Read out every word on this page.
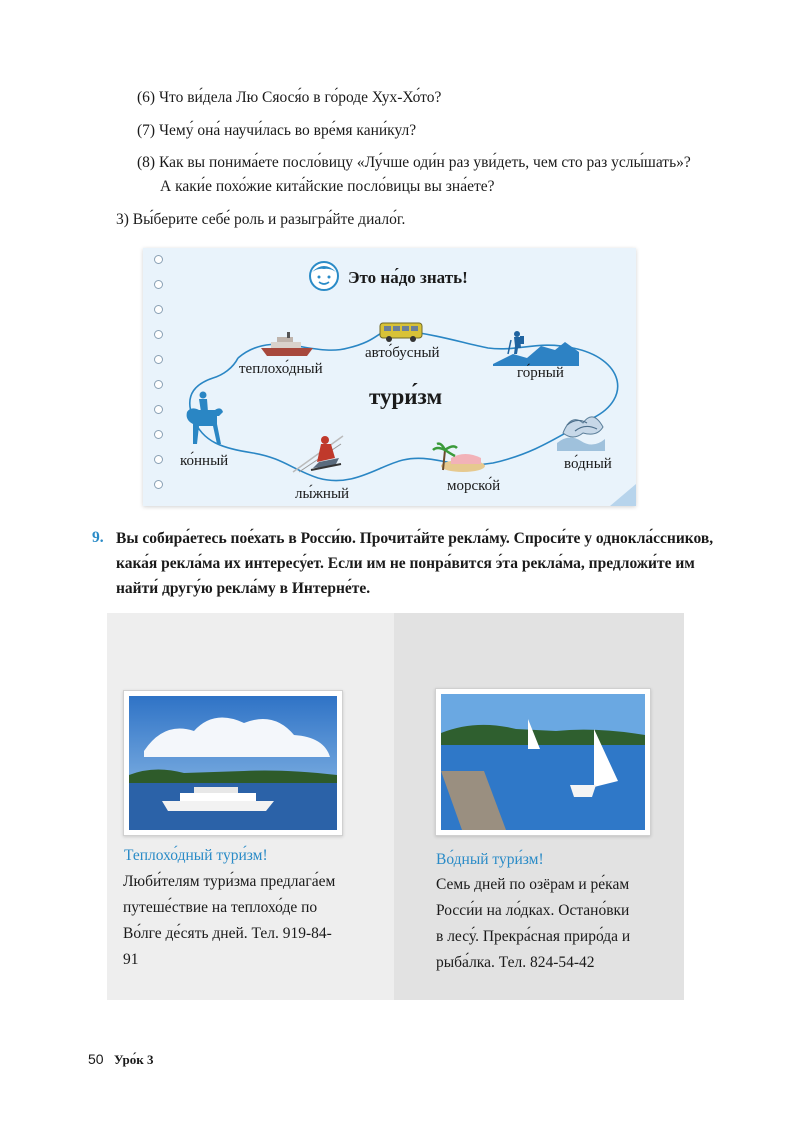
(6) Что ви́дела Лю Сяося́о в го́роде Хух-Хо́то?
(7) Чему́ она́ научи́лась во вре́мя кани́кул?
(8) Как вы понима́ете посло́вицу «Лу́чше оди́н раз уви́деть, чем сто раз услы́шать»?
А каки́е похо́жие кита́йские посло́вицы вы зна́ете?
3) Вы́берите себе́ роль и разыгра́йте диало́г.
Это на́до знать!
теплохо́дный
авто́бусный
го́рный
тури́зм
ко́нный
лы́жный	морско́й
во́дный
9. Вы собира́етесь пое́хать в Росси́ю. Прочита́йте рекла́му. Спроси́те у однокла́ссников,
кака́я рекла́ма их интересу́ет. Если им не понра́вится э́та рекла́ма, предложи́те им
найти́ другу́ю рекла́му в Интерне́те.
Теплохо́дный тури́зм!
Люби́телям тури́зма предлага́ем
путеше́ствие на теплохо́де по
Во́лге де́сять дней. Тел. 919-84-
91
Во́дный тури́зм!
Семь дней по озёрам и ре́кам
Росси́и на ло́дках. Остано́вки
в лесу́. Прекра́сная приро́да и
рыба́лка. Тел. 824-54-42
50 Уро́к 3
